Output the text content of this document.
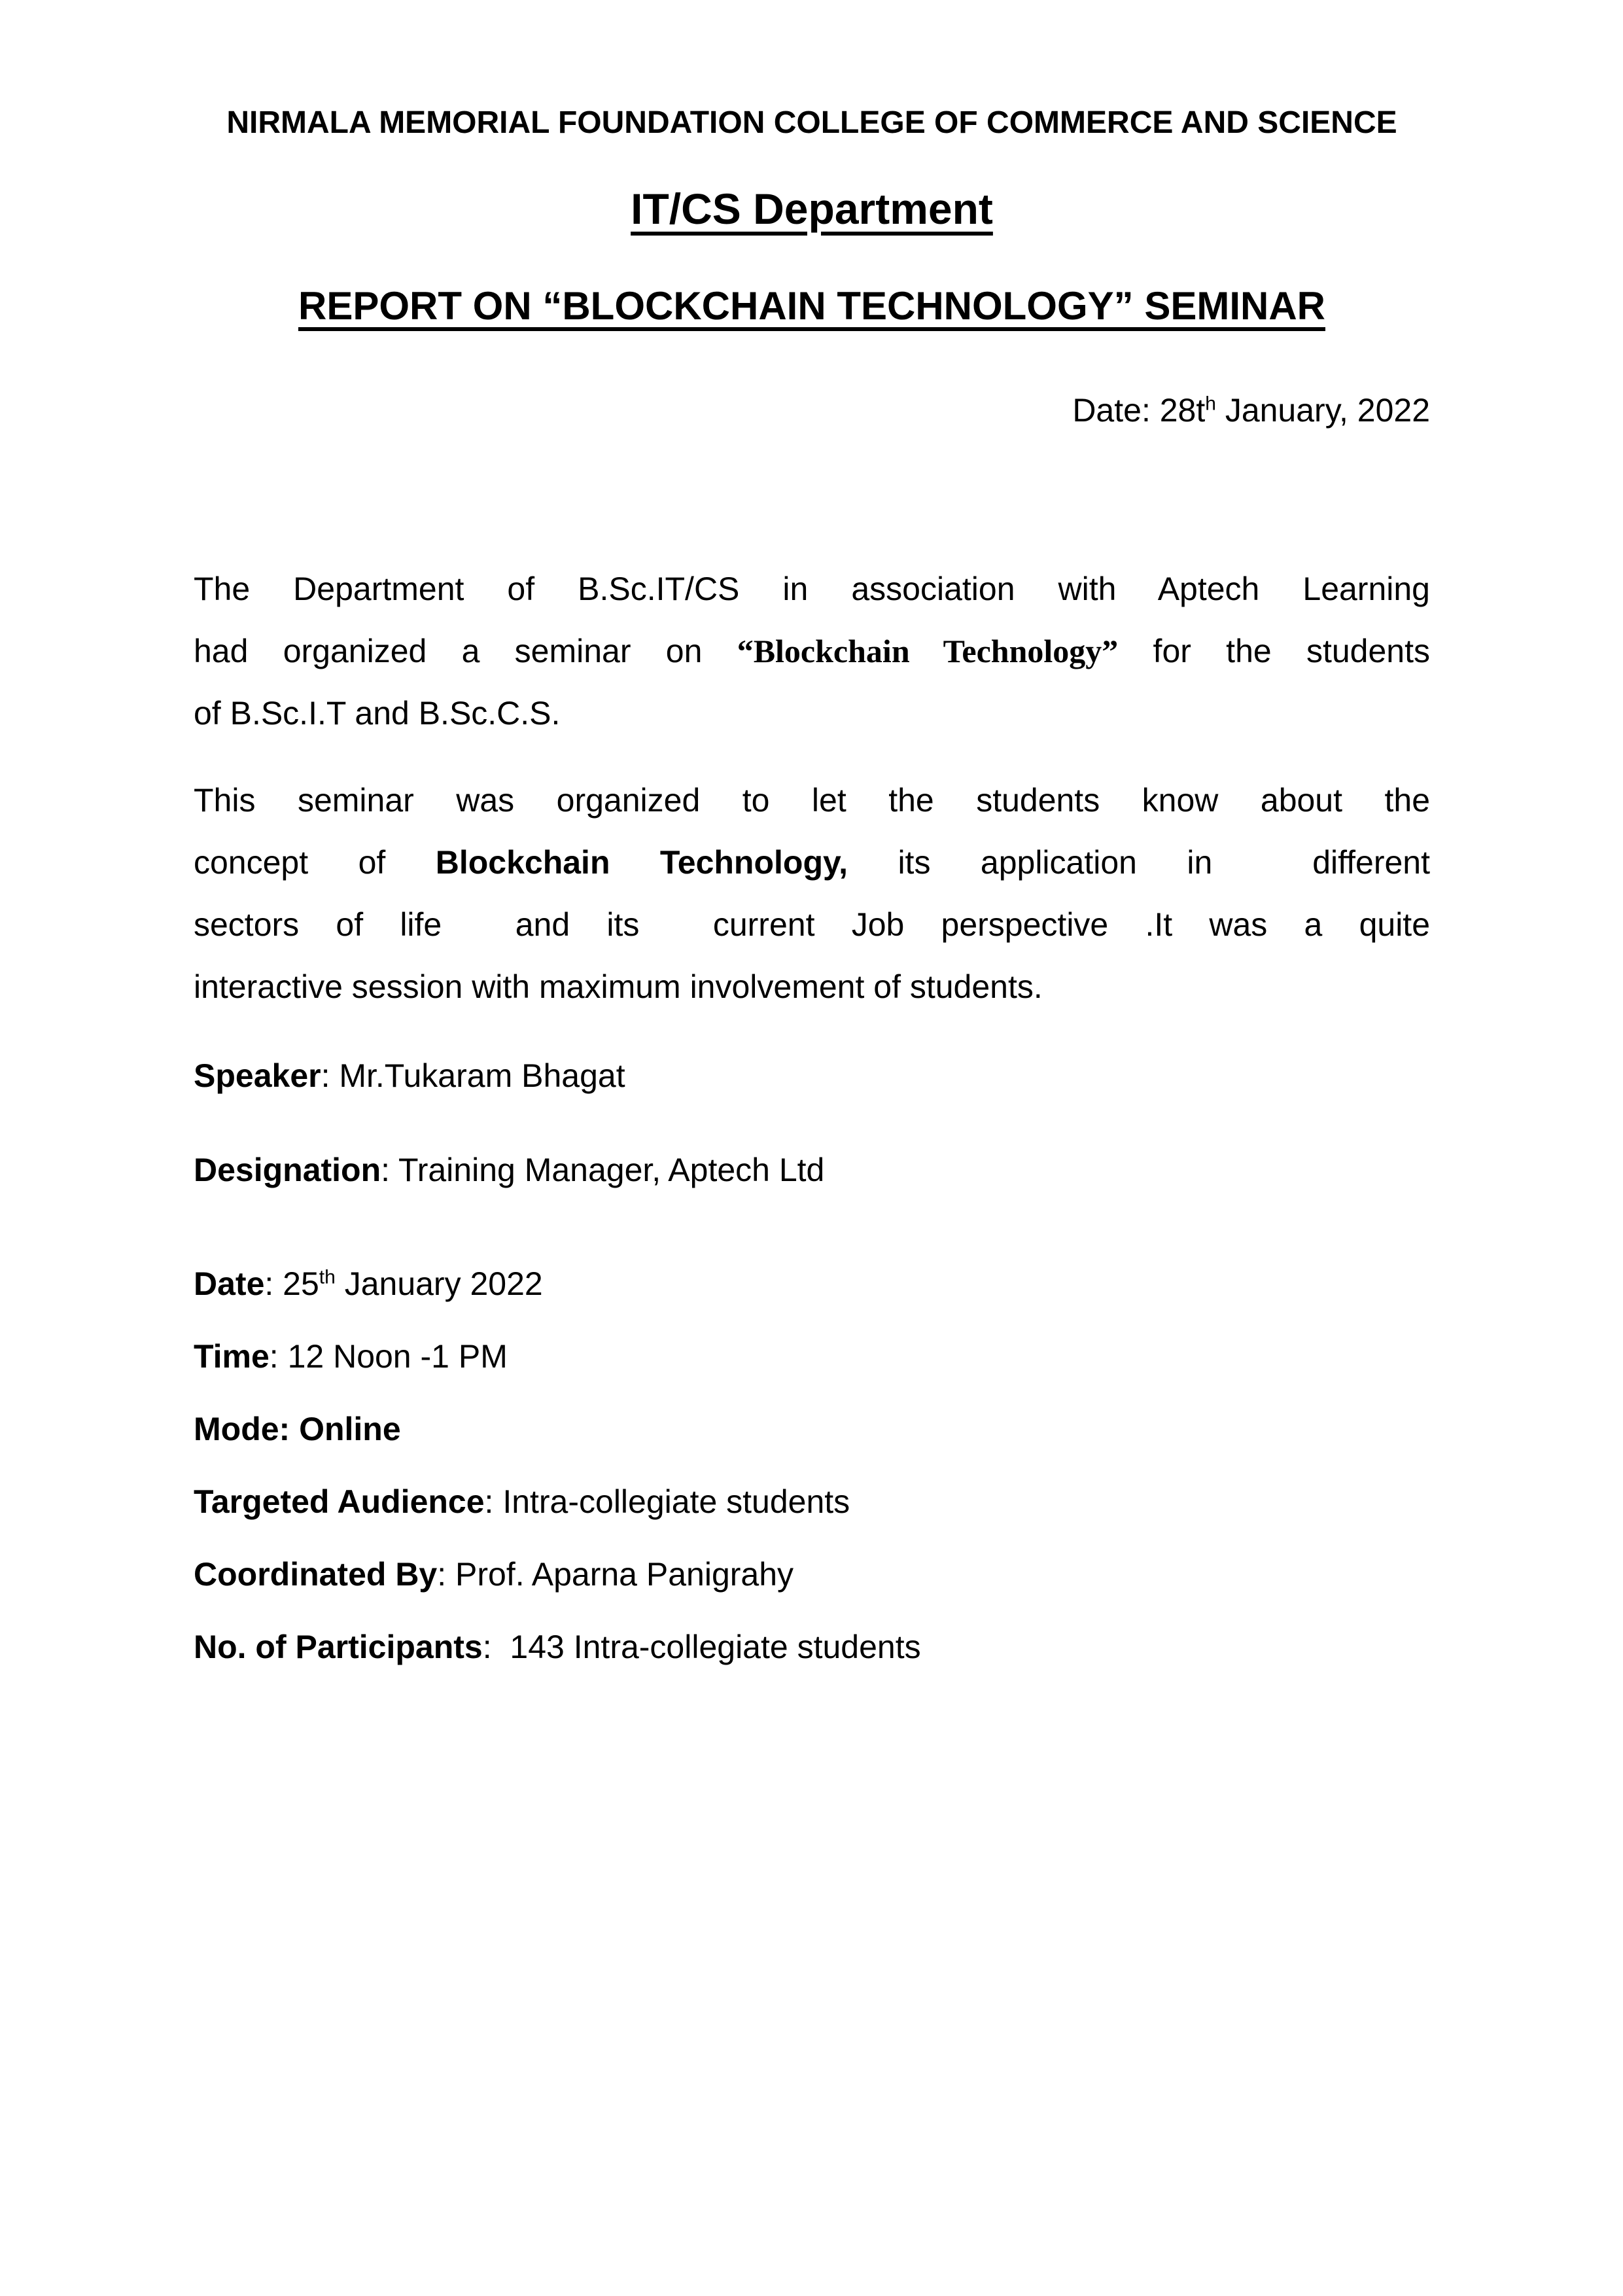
NIRMALA MEMORIAL FOUNDATION COLLEGE OF COMMERCE AND SCIENCE
IT/CS Department
REPORT ON “BLOCKCHAIN TECHNOLOGY” SEMINAR
Date: $28t^h$ January, 2022
The Department of B.Sc.IT/CS in association with Aptech Learning
had organized a seminar on “Blockchain Technology” for the students
of B.Sc.I.T and B.Sc.C.S.
This seminar was organized to let the students know about the
concept of Blockchain Technology, its application in  different
sectors of life  and its  current Job perspective .It was a quite
interactive session with maximum involvement of students.
Speaker: Mr.Tukaram Bhagat
Designation: Training Manager, Aptech Ltd
Date: 25th January 2022
Time: 12 Noon -1 PM
Mode: Online
Targeted Audience: Intra-collegiate students
Coordinated By: Prof. Aparna Panigrahy
No. of Participants:  143 Intra-collegiate students
